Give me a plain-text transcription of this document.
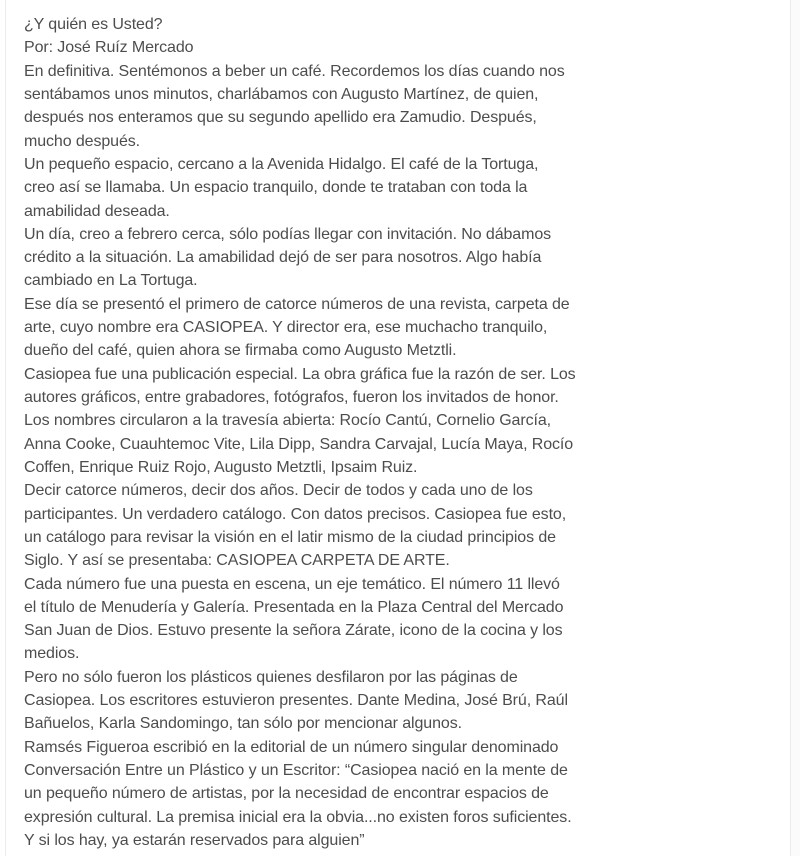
¿Y quién es Usted?
Por: José Ruíz Mercado
En definitiva. Sentémonos a beber un café. Recordemos los días cuando nos
sentábamos unos minutos, charlábamos con Augusto Martínez, de quien,
después nos enteramos que su segundo apellido era Zamudio. Después,
mucho después.
Un pequeño espacio, cercano a la Avenida Hidalgo. El café de la Tortuga,
creo así se llamaba. Un espacio tranquilo, donde te trataban con toda la
amabilidad deseada.
Un día, creo a febrero cerca, sólo podías llegar con invitación. No dábamos
crédito a la situación. La amabilidad dejó de ser para nosotros. Algo había
cambiado en La Tortuga.
Ese día se presentó el primero de catorce números de una revista, carpeta de
arte, cuyo nombre era CASIOPEA. Y director era, ese muchacho tranquilo,
dueño del café, quien ahora se firmaba como Augusto Metztli.
Casiopea fue una publicación especial. La obra gráfica fue la razón de ser. Los
autores gráficos, entre grabadores, fotógrafos, fueron los invitados de honor.
Los nombres circularon a la travesía abierta: Rocío Cantú, Cornelio García,
Anna Cooke, Cuauhtemoc Vite, Lila Dipp, Sandra Carvajal, Lucía Maya, Rocío
Coffen, Enrique Ruiz Rojo, Augusto Metztli, Ipsaim Ruiz.
Decir catorce números, decir dos años. Decir de todos y cada uno de los
participantes. Un verdadero catálogo. Con datos precisos. Casiopea fue esto,
un catálogo para revisar la visión en el latir mismo de la ciudad principios de
Siglo. Y así se presentaba: CASIOPEA CARPETA DE ARTE.
Cada número fue una puesta en escena, un eje temático. El número 11 llevó
el título de Menudería y Galería. Presentada en la Plaza Central del Mercado
San Juan de Dios. Estuvo presente la señora Zárate, icono de la cocina y los
medios.
Pero no sólo fueron los plásticos quienes desfilaron por las páginas de
Casiopea. Los escritores estuvieron presentes. Dante Medina, José Brú, Raúl
Bañuelos, Karla Sandomingo, tan sólo por mencionar algunos.
Ramsés Figueroa escribió en la editorial de un número singular denominado
Conversación Entre un Plástico y un Escritor: “Casiopea nació en la mente de
un pequeño número de artistas, por la necesidad de encontrar espacios de
expresión cultural. La premisa inicial era la obvia...no existen foros suficientes.
Y si los hay, ya estarán reservados para alguien”
